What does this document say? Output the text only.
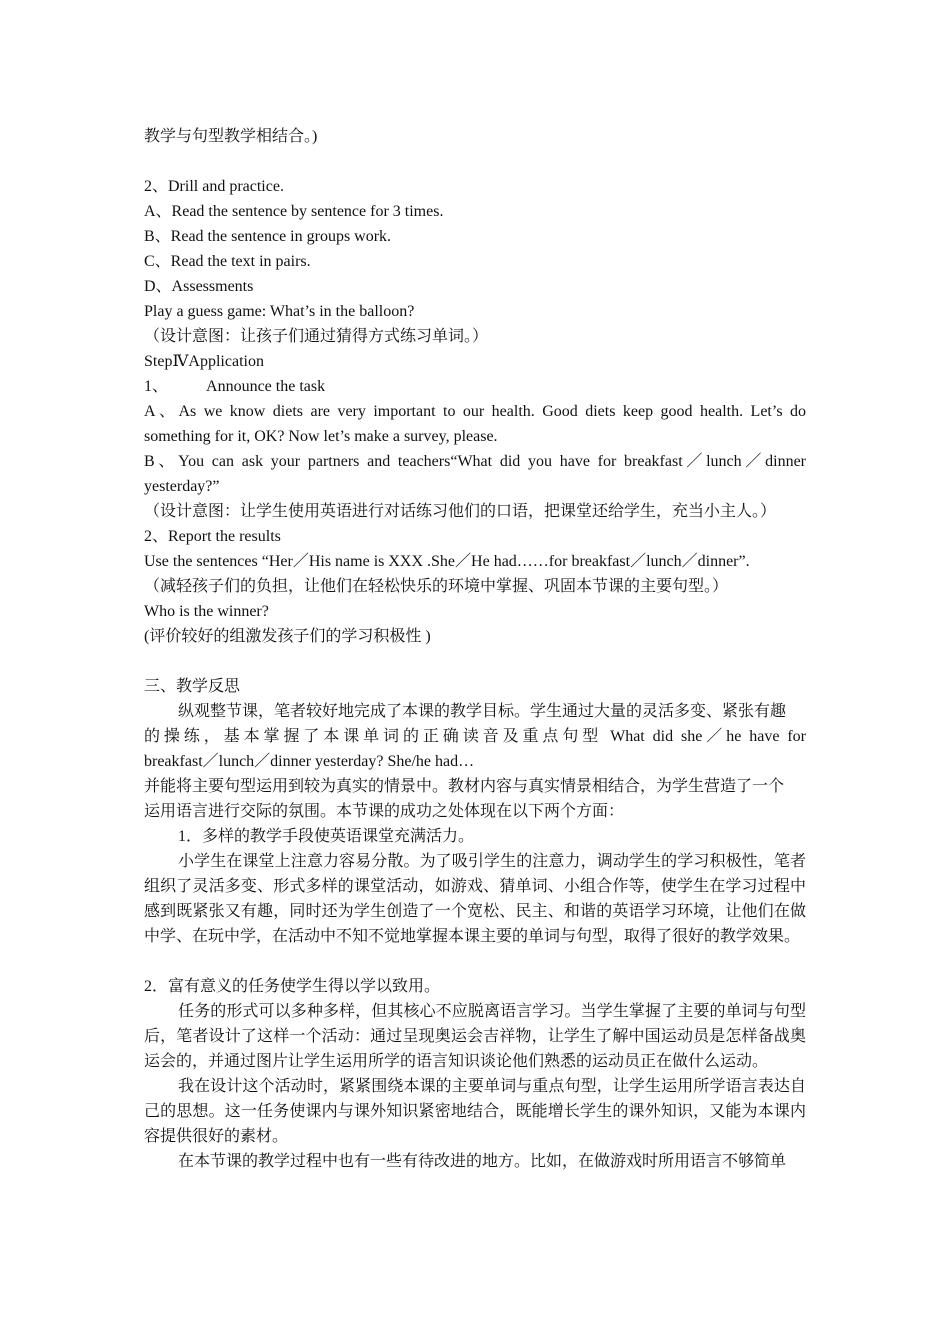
教学与句型教学相结合。)
2、Drill and practice.
A、Read the sentence by sentence for 3 times.
B、Read the sentence in groups work.
C、Read the text in pairs.
D、Assessments
Play a guess game: What’s in the balloon?
（设计意图：让孩子们通过猜得方式练习单词。）
StepⅣApplication
1、 Announce the task
A、As we know diets are very important to our health. Good diets keep good health. Let’s do
something for it, OK? Now let’s make a survey, please.
B、You can ask your partners and teachers“What did you have for breakfast／lunch／dinner
yesterday?”
（设计意图：让学生使用英语进行对话练习他们的口语，把课堂还给学生，充当小主人。）
2、Report the results
Use the sentences “Her／His name is XXX .She／He had……for breakfast／lunch／dinner”.
（减轻孩子们的负担，让他们在轻松快乐的环境中掌握、巩固本节课的主要句型。）
Who is the winner?
(评价较好的组激发孩子们的学习积极性 )
三、教学反思
纵观整节课，笔者较好地完成了本课的教学目标。学生通过大量的灵活多变、紧张有趣
的操练，基本掌握了本课单词的正确读音及重点句型 What did she／he have for
breakfast／lunch／dinner yesterday? She/he had…
并能将主要句型运用到较为真实的情景中。教材内容与真实情景相结合，为学生营造了一个
运用语言进行交际的氛围。本节课的成功之处体现在以下两个方面：
1．多样的教学手段使英语课堂充满活力。
小学生在课堂上注意力容易分散。为了吸引学生的注意力，调动学生的学习积极性，笔者组织了灵活多变、形式多样的课堂活动，如游戏、猜单词、小组合作等，使学生在学习过程中感到既紧张又有趣，同时还为学生创造了一个宽松、民主、和谐的英语学习环境，让他们在做中学、在玩中学，在活动中不知不觉地掌握本课主要的单词与句型，取得了很好的教学效果。
2．富有意义的任务使学生得以学以致用。
任务的形式可以多种多样，但其核心不应脱离语言学习。当学生掌握了主要的单词与句型后，笔者设计了这样一个活动：通过呈现奥运会吉祥物，让学生了解中国运动员是怎样备战奥运会的，并通过图片让学生运用所学的语言知识谈论他们熟悉的运动员正在做什么运动。
我在设计这个活动时，紧紧围绕本课的主要单词与重点句型，让学生运用所学语言表达自己的思想。这一任务使课内与课外知识紧密地结合，既能增长学生的课外知识，又能为本课内容提供很好的素材。
在本节课的教学过程中也有一些有待改进的地方。比如，在做游戏时所用语言不够简单
